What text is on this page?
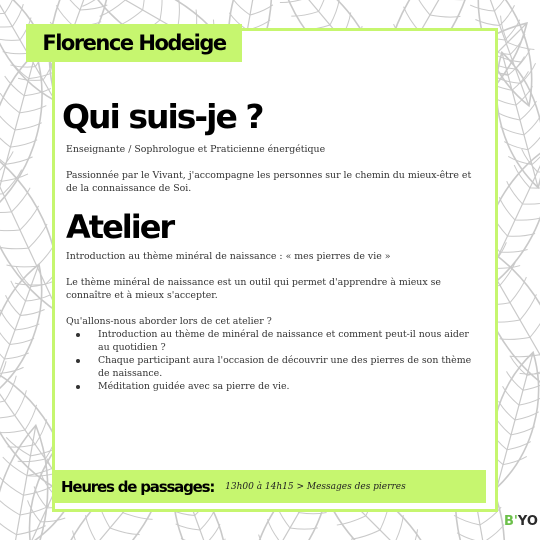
Florence Hodeige
Qui suis-je ?

Enseignante / Sophrologue et Praticienne énergétique

Passionnée par le Vivant, j'accompagne les personnes sur le chemin du mieux-être et de la connaissance de Soi.

Atelier

Introduction au thème minéral de naissance : « mes pierres de vie »

Le thème minéral de naissance est un outil qui permet d'apprendre à mieux se connaître et à mieux s'accepter.

Qu'allons-nous aborder lors de cet atelier ?

Introduction au thème de minéral de naissance et comment peut-il nous aider au quotidien ?
Chaque participant aura l'occasion de découvrir une des pierres de son thème de naissance.
Méditation guidée avec sa pierre de vie.
Heures de passages: 13h00 à 14h15 > Messages des pierres
B'YO
